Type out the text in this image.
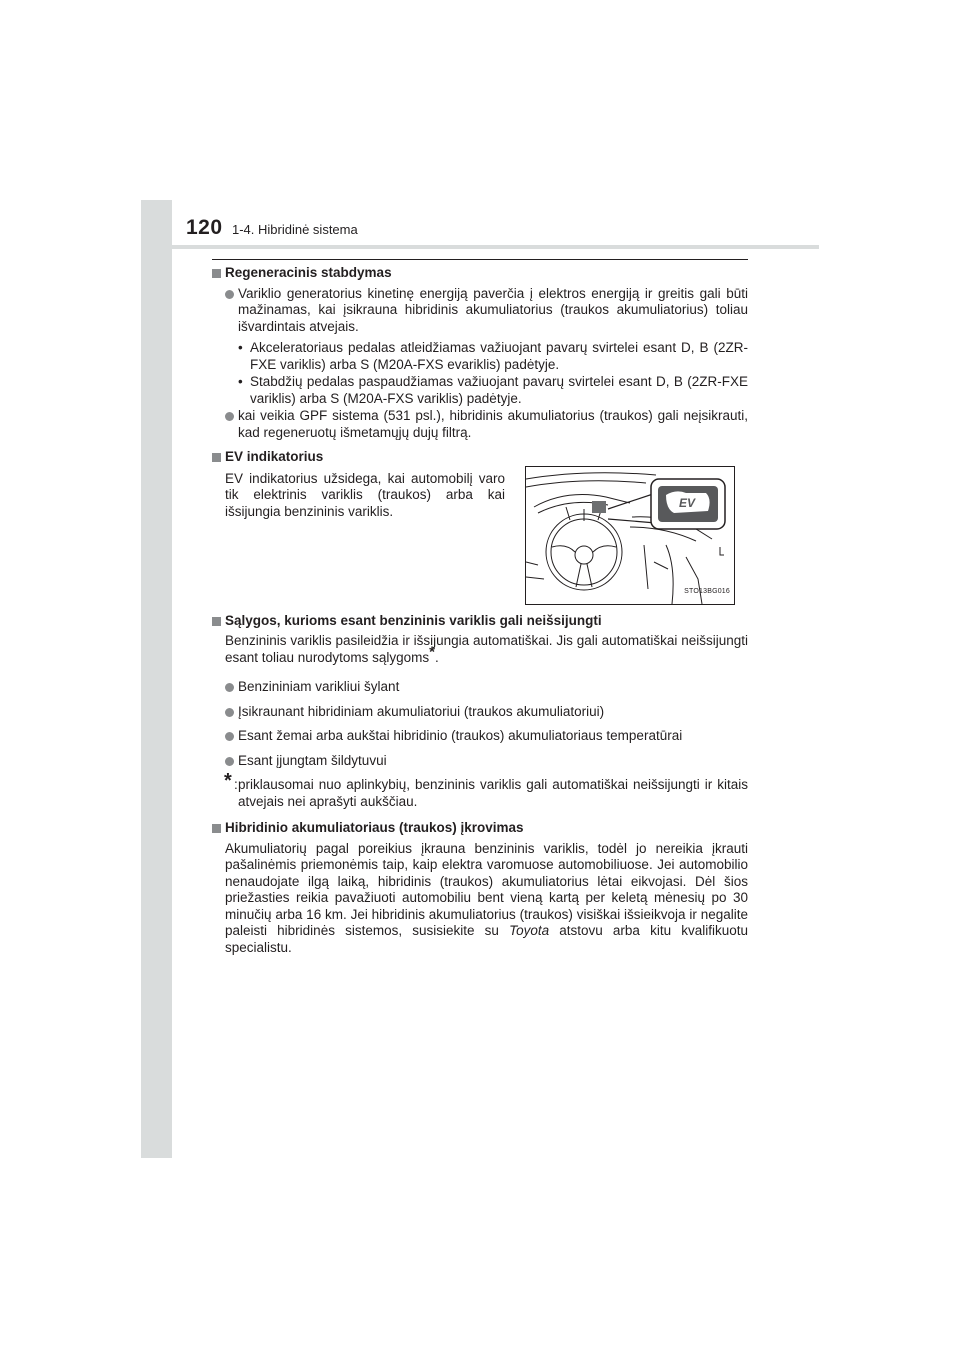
120 1-4. Hibridinė sistema
Regeneracinis stabdymas
Variklio generatorius kinetinę energiją paverčia į elektros energiją ir greitis gali būti mažinamas, kai įsikrauna hibridinis akumuliatorius (traukos akumuliatorius) toliau išvardintais atvejais.
• Akceleratoriaus pedalas atleidžiamas važiuojant pavarų svirtelei esant D, B (2ZR-FXE variklis) arba S (M20A-FXS evariklis) padėtyje.
• Stabdžių pedalas paspaudžiamas važiuojant pavarų svirtelei esant D, B (2ZR-FXE variklis) arba S (M20A-FXS variklis) padėtyje.
kai veikia GPF sistema (531 psl.), hibridinis akumuliatorius (traukos) gali neįsikrauti, kad regeneruotų išmetamųjų dujų filtrą.
EV indikatorius
EV indikatorius užsidega, kai automobilį varo tik elektrinis variklis (traukos) arba kai išsijungia benzininis variklis.
EV
STO13BG016
Sąlygos, kurioms esant benzininis variklis gali neišsijungti
Benzininis variklis pasileidžia ir išsijungia automatiškai. Jis gali automatiškai neišsijungti esant toliau nurodytoms sąlygoms*.
Benzininiam varikliui šylant
Įsikraunant hibridiniam akumuliatoriui (traukos akumuliatoriui)
Esant žemai arba aukštai hibridinio (traukos) akumuliatoriaus temperatūrai
Esant įjungtam šildytuvui
* : priklausomai nuo aplinkybių, benzininis variklis gali automatiškai neišsijungti ir kitais atvejais nei aprašyti aukščiau.
Hibridinio akumuliatoriaus (traukos) įkrovimas
Akumuliatorių pagal poreikius įkrauna benzininis variklis, todėl jo nereikia įkrauti pašalinėmis priemonėmis taip, kaip elektra varomuose automobiliuose. Jei automobilio nenaudojate ilgą laiką, hibridinis (traukos) akumuliatorius lėtai eikvojasi. Dėl šios priežasties reikia pavažiuoti automobiliu bent vieną kartą per keletą mėnesių po 30 minučių arba 16 km. Jei hibridinis akumuliatorius (traukos) visiškai išsieikvoja ir negalite paleisti hibridinės sistemos, susisiekite su Toyota atstovu arba kitu kvalifikuotu specialistu.
